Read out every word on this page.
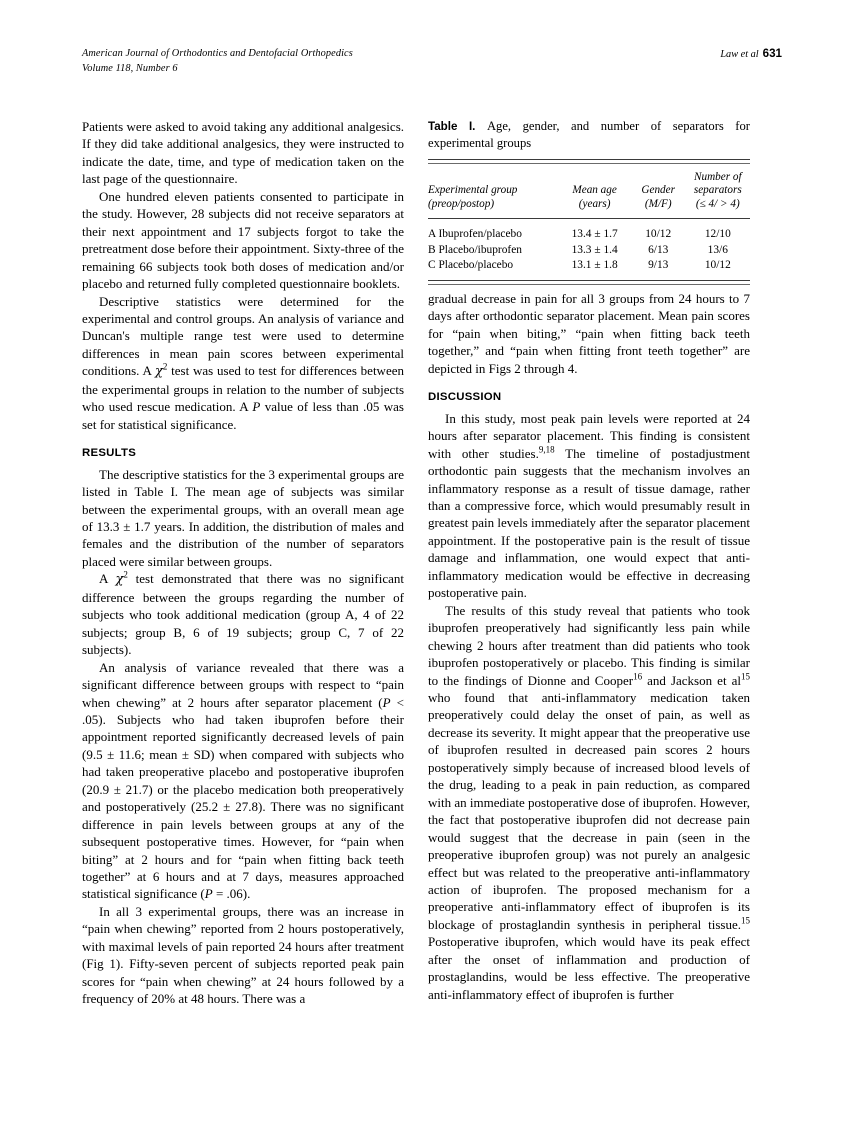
American Journal of Orthodontics and Dentofacial Orthopedics
Volume 118, Number 6
Law et al 631

Patients were asked to avoid taking any additional analgesics. If they did take additional analgesics, they were instructed to indicate the date, time, and type of medication taken on the last page of the questionnaire.

One hundred eleven patients consented to participate in the study. However, 28 subjects did not receive separators at their next appointment and 17 subjects forgot to take the pretreatment dose before their appointment. Sixty-three of the remaining 66 subjects took both doses of medication and/or placebo and returned fully completed questionnaire booklets.

Descriptive statistics were determined for the experimental and control groups. An analysis of variance and Duncan's multiple range test were used to determine differences in mean pain scores between experimental conditions. A χ$^2$ test was used to test for differences between the experimental groups in relation to the number of subjects who used rescue medication. A P value of less than .05 was set for statistical significance.

RESULTS

The descriptive statistics for the 3 experimental groups are listed in Table I. The mean age of subjects was similar between the experimental groups, with an overall mean age of 13.3 ± 1.7 years. In addition, the distribution of males and females and the distribution of the number of separators placed were similar between groups.

A χ$^2$ test demonstrated that there was no significant difference between the groups regarding the number of subjects who took additional medication (group A, 4 of 22 subjects; group B, 6 of 19 subjects; group C, 7 of 22 subjects).

An analysis of variance revealed that there was a significant difference between groups with respect to “pain when chewing” at 2 hours after separator placement (P < .05). Subjects who had taken ibuprofen before their appointment reported significantly decreased levels of pain (9.5 ± 11.6; mean ± SD) when compared with subjects who had taken preoperative placebo and postoperative ibuprofen (20.9 ± 21.7) or the placebo medication both preoperatively and postoperatively (25.2 ± 27.8). There was no significant difference in pain levels between groups at any of the subsequent postoperative times. However, for “pain when biting” at 2 hours and for “pain when fitting back teeth together” at 6 hours and at 7 days, measures approached statistical significance (P = .06).

In all 3 experimental groups, there was an increase in “pain when chewing” reported from 2 hours postoperatively, with maximal levels of pain reported 24 hours after treatment (Fig 1). Fifty-seven percent of subjects reported peak pain scores for “pain when chewing” at 24 hours followed by a frequency of 20% at 48 hours. There was a

Table I. Age, gender, and number of separators for experimental groups

Experimental group
(preop/postop)
	Mean age
(years)
	Gender
(M/F)
	Number of
separators
(≤ 4/ > 4)
A Ibuprofen/placebo	13.4 ± 1.7	10/12	12/10
B Placebo/ibuprofen	13.3 ± 1.4	6/13	13/6
C Placebo/placebo	13.1 ± 1.8	9/13	10/12

gradual decrease in pain for all 3 groups from 24 hours to 7 days after orthodontic separator placement. Mean pain scores for “pain when biting,” “pain when fitting back teeth together,” and “pain when fitting front teeth together” are depicted in Figs 2 through 4.

DISCUSSION

In this study, most peak pain levels were reported at 24 hours after separator placement. This finding is consistent with other studies.$^{9,18}$ The timeline of postadjustment orthodontic pain suggests that the mechanism involves an inflammatory response as a result of tissue damage, rather than a compressive force, which would presumably result in greatest pain levels immediately after the separator placement appointment. If the postoperative pain is the result of tissue damage and inflammation, one would expect that anti-inflammatory medication would be effective in decreasing postoperative pain.

The results of this study reveal that patients who took ibuprofen preoperatively had significantly less pain while chewing 2 hours after treatment than did patients who took ibuprofen postoperatively or placebo. This finding is similar to the findings of Dionne and Cooper$^{16}$ and Jackson et al$^{15}$ who found that anti-inflammatory medication taken preoperatively could delay the onset of pain, as well as decrease its severity. It might appear that the preoperative use of ibuprofen resulted in decreased pain scores 2 hours postoperatively simply because of increased blood levels of the drug, leading to a peak in pain reduction, as compared with an immediate postoperative dose of ibuprofen. However, the fact that postoperative ibuprofen did not decrease pain would suggest that the decrease in pain (seen in the preoperative ibuprofen group) was not purely an analgesic effect but was related to the preoperative anti-inflammatory action of ibuprofen. The proposed mechanism for a preoperative anti-inflammatory effect of ibuprofen is its blockage of prostaglandin synthesis in peripheral tissue.$^{15}$ Postoperative ibuprofen, which would have its peak effect after the onset of inflammation and production of prostaglandins, would be less effective. The preoperative anti-inflammatory effect of ibuprofen is further
